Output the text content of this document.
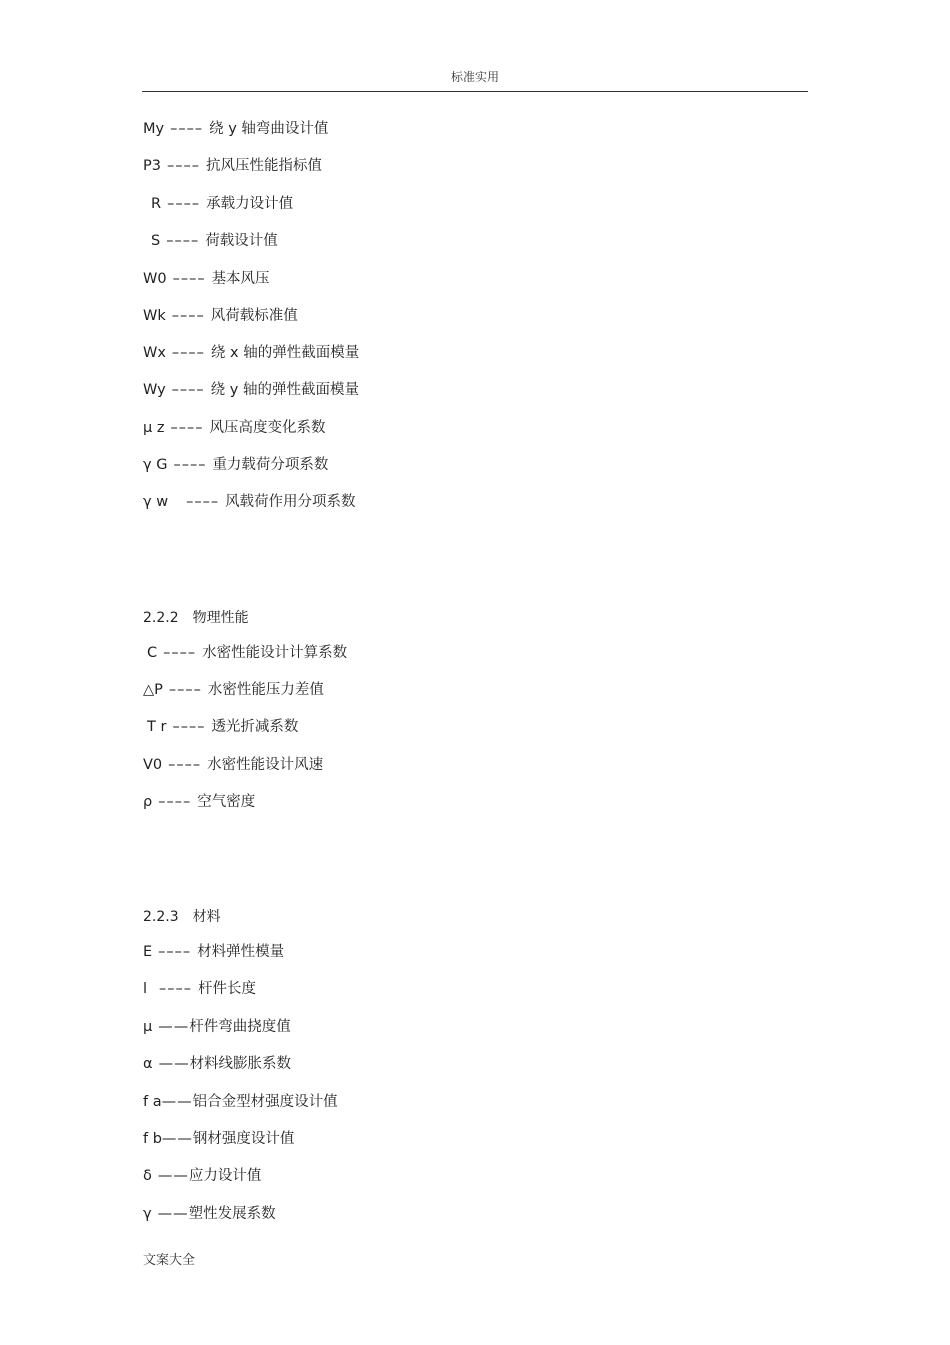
标准实用
My –––– 绕 y 轴弯曲设计值
P3 –––– 抗风压性能指标值
R –––– 承载力设计值
S –––– 荷载设计值
W0 –––– 基本风压
Wk –––– 风荷载标准值
Wx –––– 绕 x 轴的弹性截面模量
Wy –––– 绕 y 轴的弹性截面模量
μ z –––– 风压高度变化系数
γ G –––– 重力载荷分项系数
γ w –––– 风载荷作用分项系数
2.2.2 物理性能
C –––– 水密性能设计计算系数
△P –––– 水密性能压力差值
T r –––– 透光折减系数
V0 –––– 水密性能设计风速
ρ –––– 空气密度
2.2.3 材料
E –––– 材料弹性模量
l –––– 杆件长度
μ ——杆件弯曲挠度值
α ——材料线膨胀系数
f a——铝合金型材强度设计值
f b——钢材强度设计值
δ ——应力设计值
γ ——塑性发展系数
文案大全
